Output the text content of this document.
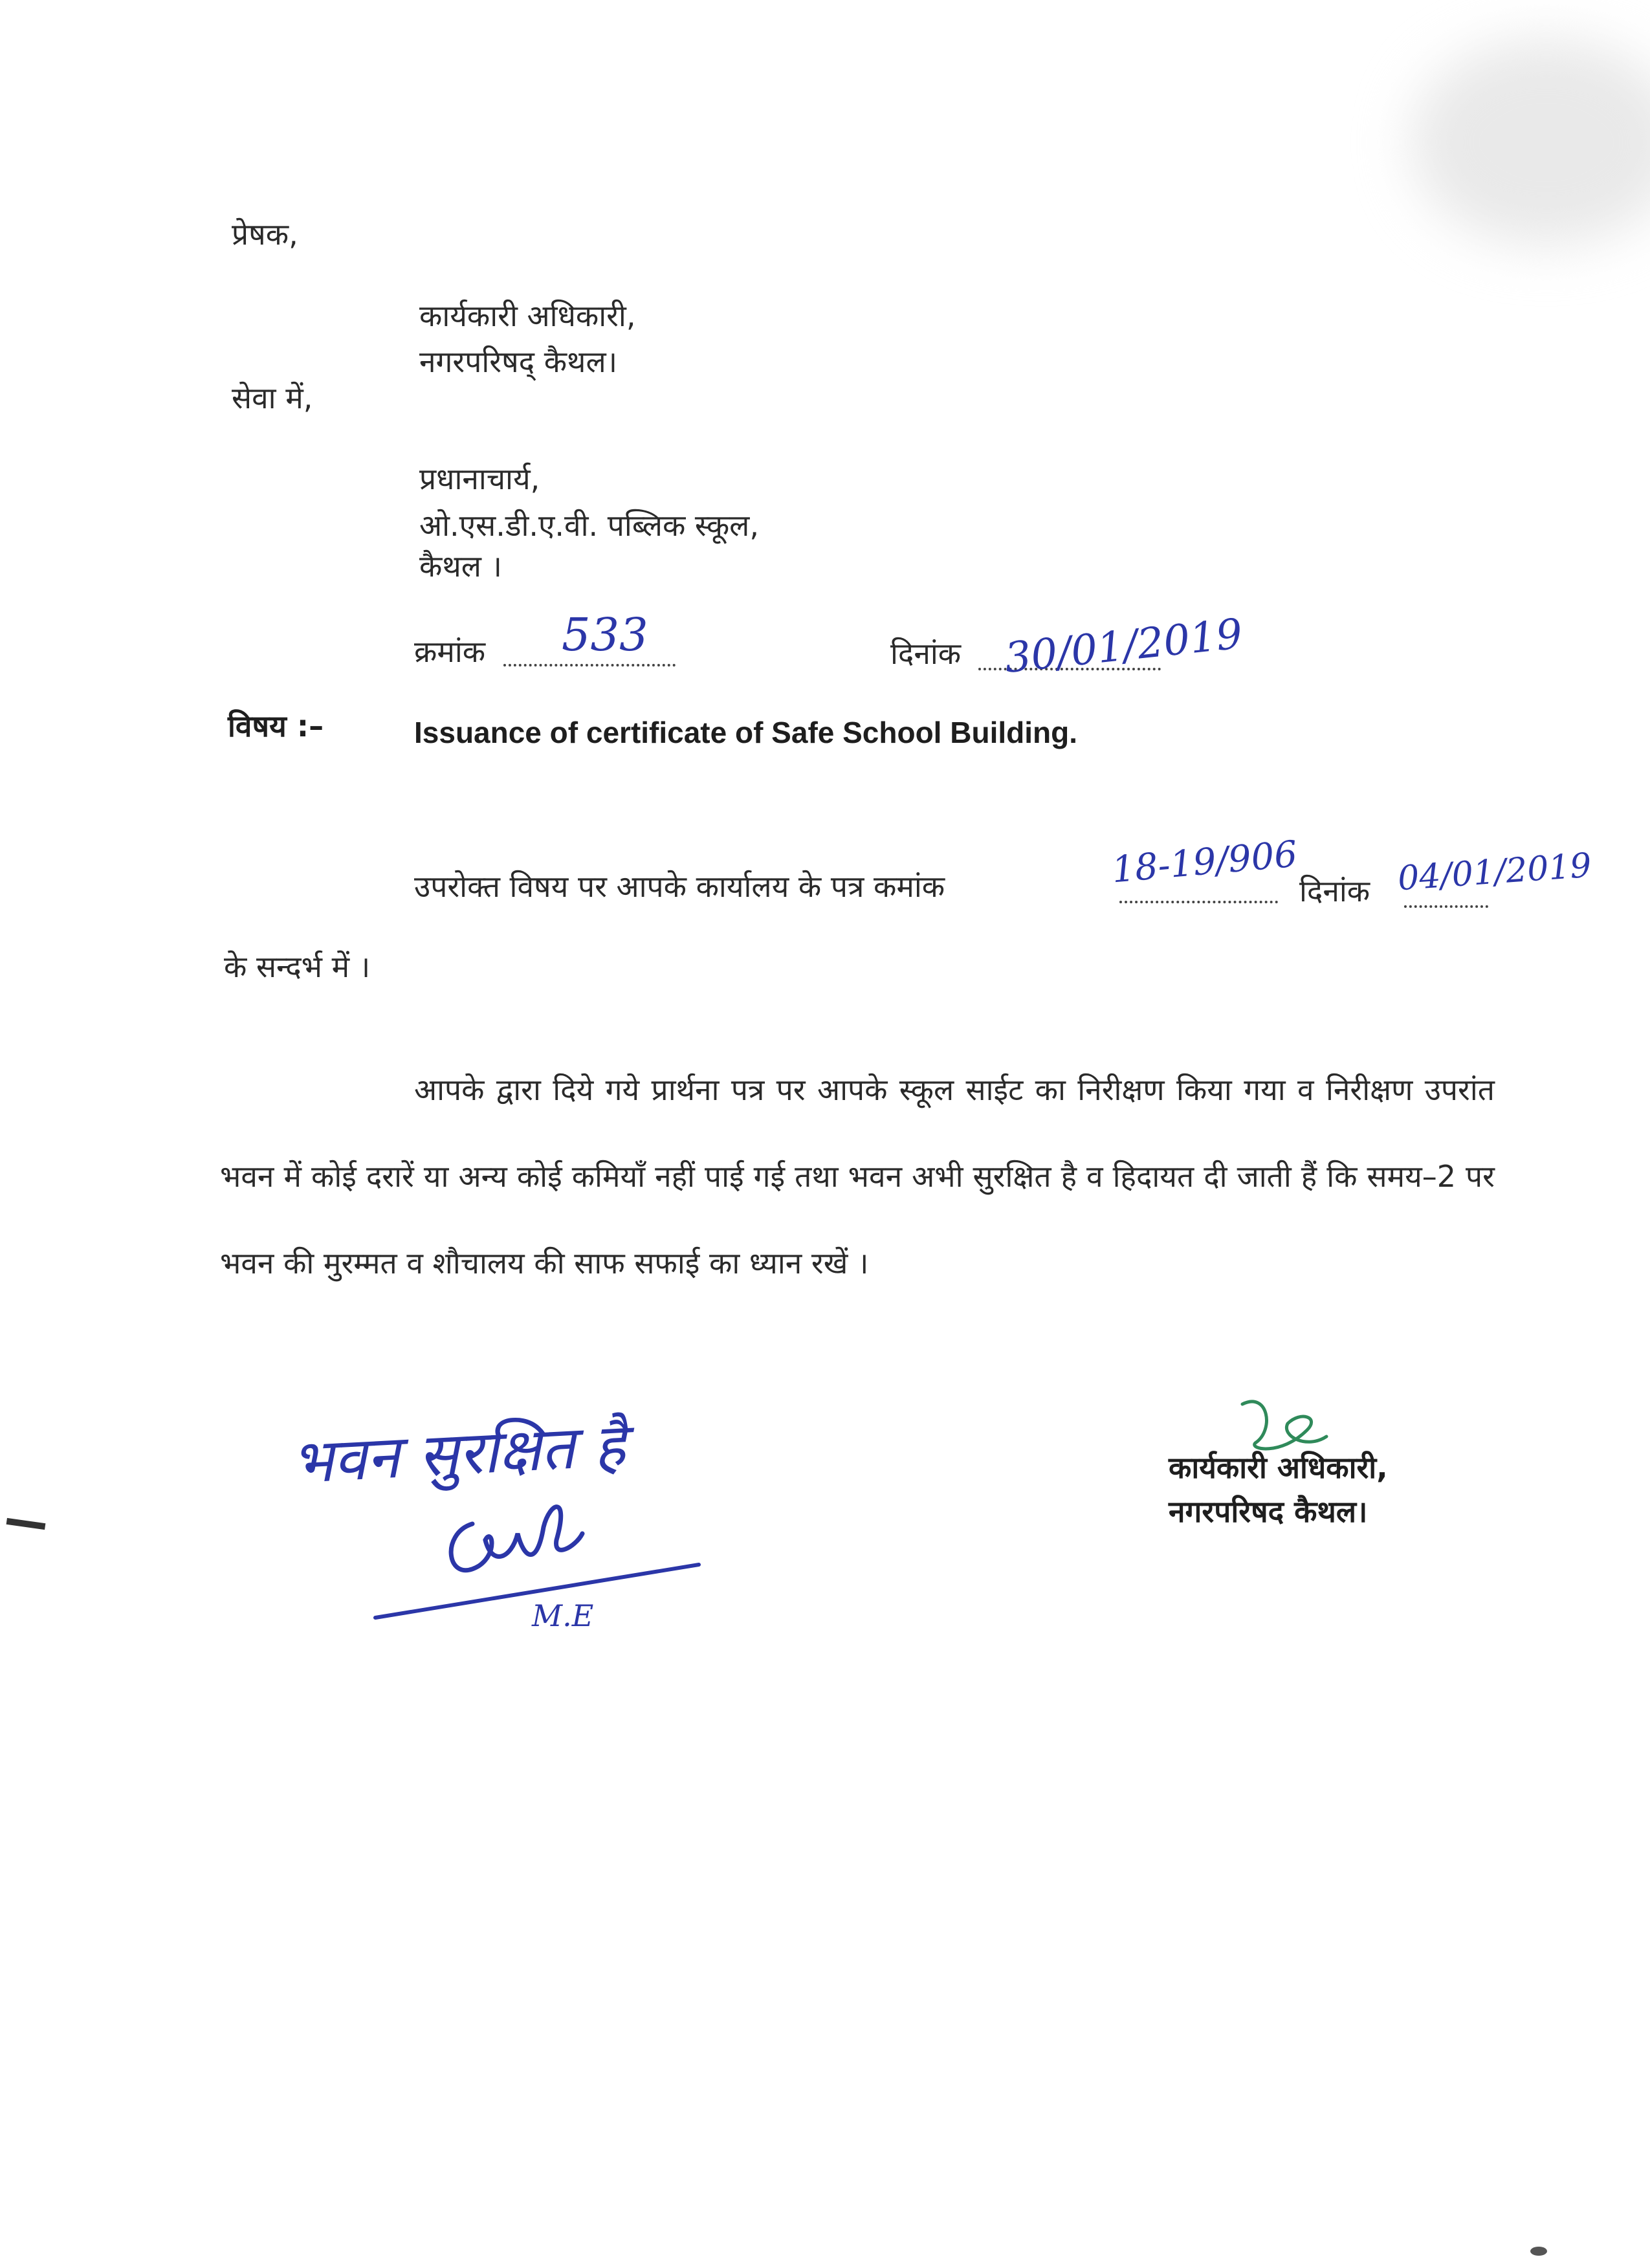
प्रेषक,
कार्यकारी अधिकारी,
नगरपरिषद् कैथल।
सेवा में,
प्रधानाचार्य,
ओ.एस.डी.ए.वी. पब्लिक स्कूल,
कैथल ।
क्रमांक 533	दिनांक 30/01/2019
विषय :–	Issuance of certificate of Safe School Building.
उपरोक्त विषय पर आपके कार्यालय के पत्र कमांक	18-19/906 दिनांक 04/01/2019
के सन्दर्भ में ।

आपके द्वारा दिये गये प्रार्थना पत्र पर आपके स्कूल साईट का निरीक्षण किया गया व निरीक्षण उपरांत भवन में कोई दरारें या अन्य कोई कमियाँ नहीं पाई गई तथा भवन अभी सुरक्षित है व हिदायत दी जाती हैं कि समय–2 पर भवन की मुरम्मत व शौचालय की साफ सफाई का ध्यान रखें ।

भवन सुरक्षित है
M.E
कार्यकारी अधिकारी,
नगरपरिषद कैथल।
